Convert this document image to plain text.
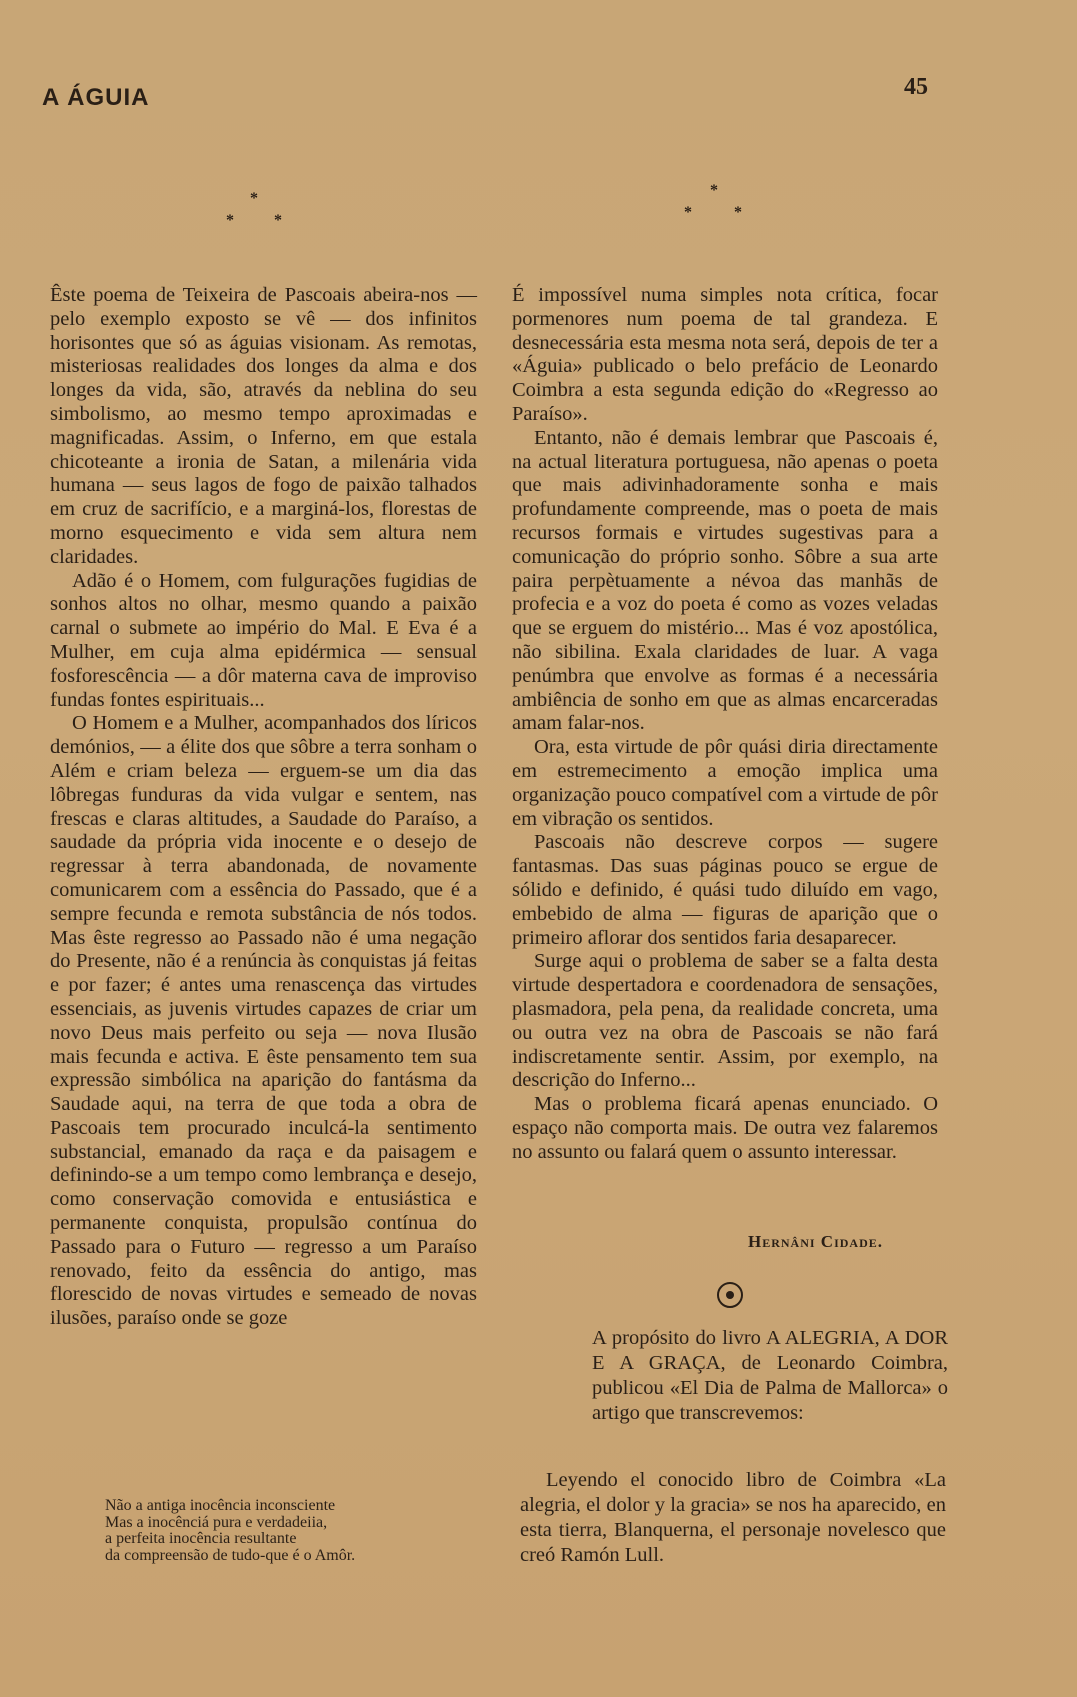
A ÁGUIA	45
*
*	*
*
*	*

Êste poema de Teixeira de Pascoais abeira-nos — pelo exemplo exposto se vê — dos infinitos horisontes que só as águias visionam. As remotas, misteriosas realidades dos longes da alma e dos longes da vida, são, através da neblina do seu simbolismo, ao mesmo tempo aproximadas e magnificadas. Assim, o Inferno, em que estala chicoteante a ironia de Satan, a milenária vida humana — seus lagos de fogo de paixão talhados em cruz de sacrifício, e a marginá-los, florestas de morno esquecimento e vida sem altura nem claridades.

Adão é o Homem, com fulgurações fugidias de sonhos altos no olhar, mesmo quando a paixão carnal o submete ao império do Mal. E Eva é a Mulher, em cuja alma epidérmica — sensual fosforescência — a dôr materna cava de improviso fundas fontes espirituais...

O Homem e a Mulher, acompanhados dos líricos demónios, — a élite dos que sôbre a terra sonham o Além e criam beleza — erguem-se um dia das lôbregas funduras da vida vulgar e sentem, nas frescas e claras altitudes, a Saudade do Paraíso, a saudade da própria vida inocente e o desejo de regressar à terra abandonada, de novamente comunicarem com a essência do Passado, que é a sempre fecunda e remota substância de nós todos. Mas êste regresso ao Passado não é uma negação do Presente, não é a renúncia às conquistas já feitas e por fazer; é antes uma renascença das virtudes essenciais, as juvenis virtudes capazes de criar um novo Deus mais perfeito ou seja — nova Ilusão mais fecunda e activa. E êste pensamento tem sua expressão simbólica na aparição do fantásma da Saudade aqui, na terra de que toda a obra de Pascoais tem procurado inculcá-la sentimento substancial, emanado da raça e da paisagem e definindo-se a um tempo como lembrança e desejo, como conservação comovida e entusiástica e permanente conquista, propulsão contínua do Passado para o Futuro — regresso a um Paraíso renovado, feito da essência do antigo, mas florescido de novas virtudes e semeado de novas ilusões, paraíso onde se goze

Não a antiga inocência inconsciente
Mas a inocênciá pura e verdadeiia,
a perfeita inocência resultante
da compreensão de tudo-que é o Amôr.

É impossível numa simples nota crítica, focar pormenores num poema de tal grandeza. E desnecessária esta mesma nota será, depois de ter a «Águia» publicado o belo prefácio de Leonardo Coimbra a esta segunda edição do «Regresso ao Paraíso».

Entanto, não é demais lembrar que Pascoais é, na actual literatura portuguesa, não apenas o poeta que mais adivinhadoramente sonha e mais profundamente compreende, mas o poeta de mais recursos formais e virtudes sugestivas para a comunicação do próprio sonho. Sôbre a sua arte paira perpètuamente a névoa das manhãs de profecia e a voz do poeta é como as vozes veladas que se erguem do mistério... Mas é voz apostólica, não sibilina. Exala claridades de luar. A vaga penúmbra que envolve as formas é a necessária ambiência de sonho em que as almas encarceradas amam falar-nos.

Ora, esta virtude de pôr quási diria directamente em estremecimento a emoção implica uma organização pouco compatível com a virtude de pôr em vibração os sentidos.

Pascoais não descreve corpos — sugere fantasmas. Das suas páginas pouco se ergue de sólido e definido, é quási tudo diluído em vago, embebido de alma — figuras de aparição que o primeiro aflorar dos sentidos faria desaparecer.

Surge aqui o problema de saber se a falta desta virtude despertadora e coordenadora de sensações, plasmadora, pela pena, da realidade concreta, uma ou outra vez na obra de Pascoais se não fará indiscretamente sentir. Assim, por exemplo, na descrição do Inferno...

Mas o problema ficará apenas enunciado. O espaço não comporta mais. De outra vez falaremos no assunto ou falará quem o assunto interessar.

Hernâni Cidade.
A propósito do livro A ALEGRIA, A DOR E A GRAÇA, de Leonardo Coimbra, publicou «El Dia de Palma de Mallorca» o artigo que transcrevemos:

Leyendo el conocido libro de Coimbra «La alegria, el dolor y la gracia» se nos ha aparecido, en esta tierra, Blanquerna, el personaje novelesco que creó Ramón Lull.
